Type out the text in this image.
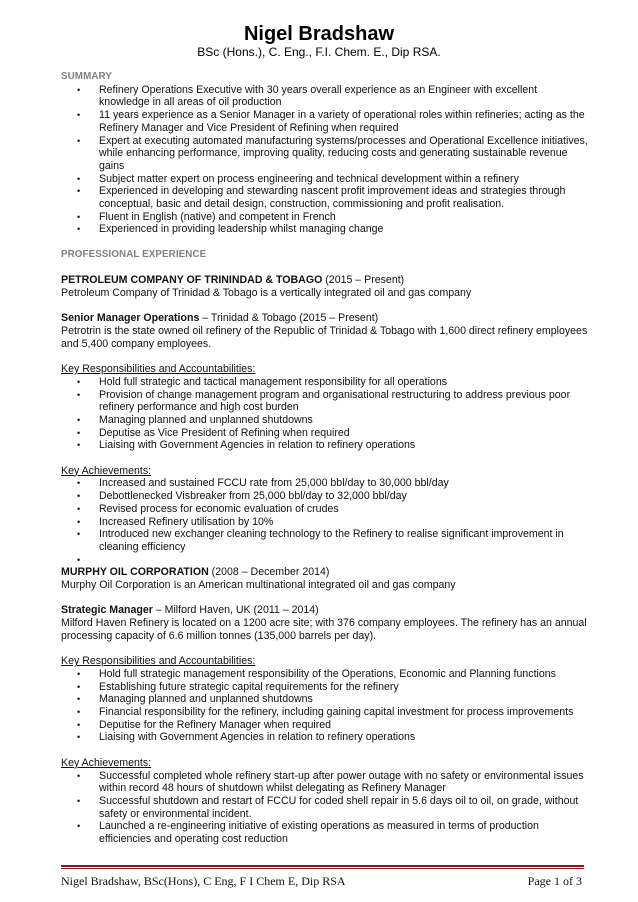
Nigel Bradshaw
BSc (Hons.), C. Eng., F.I. Chem. E., Dip RSA.
SUMMARY
• Refinery Operations Executive with 30 years overall experience as an Engineer with excellent knowledge in all areas of oil production
• 11 years experience as a Senior Manager in a variety of operational roles within refineries; acting as the Refinery Manager and Vice President of Refining when required
• Expert at executing automated manufacturing systems/processes and Operational Excellence initiatives, while enhancing performance, improving quality, reducing costs and generating sustainable revenue gains
• Subject matter expert on process engineering and technical development within a refinery
• Experienced in developing and stewarding nascent profit improvement ideas and strategies through conceptual, basic and detail design, construction, commissioning and profit realisation.
• Fluent in English (native) and competent in French
• Experienced in providing leadership whilst managing change
PROFESSIONAL EXPERIENCE
PETROLEUM COMPANY OF TRININDAD & TOBAGO (2015 – Present)
Petroleum Company of Trinidad & Tobago is a vertically integrated oil and gas company
Senior Manager Operations – Trinidad & Tobago (2015 – Present)
Petrotrin is the state owned oil refinery of the Republic of Trinidad & Tobago with 1,600 direct refinery employees and 5,400 company employees.
Key Responsibilities and Accountabilities:
• Hold full strategic and tactical management responsibility for all operations
• Provision of change management program and organisational restructuring to address previous poor refinery performance and high cost burden
• Managing planned and unplanned shutdowns
• Deputise as Vice President of Refining when required
• Liaising with Government Agencies in relation to refinery operations
Key Achievements:
• Increased and sustained FCCU rate from 25,000 bbl/day to 30,000 bbl/day
• Debottlenecked Visbreaker from 25,000 bbl/day to 32,000 bbl/day
• Revised process for economic evaluation of crudes
• Increased Refinery utilisation by 10%
• Introduced new exchanger cleaning technology to the Refinery to realise significant improvement in cleaning efficiency
•
MURPHY OIL CORPORATION (2008 – December 2014)
Murphy Oil Corporation is an American multinational integrated oil and gas company
Strategic Manager – Milford Haven, UK (2011 – 2014)
Milford Haven Refinery is located on a 1200 acre site; with 376 company employees. The refinery has an annual processing capacity of 6.6 million tonnes (135,000 barrels per day).
Key Responsibilities and Accountabilities:
• Hold full strategic management responsibility of the Operations, Economic and Planning functions
• Establishing future strategic capital requirements for the refinery
• Managing planned and unplanned shutdowns
• Financial responsibility for the refinery, including gaining capital investment for process improvements
• Deputise for the Refinery Manager when required
• Liaising with Government Agencies in relation to refinery operations
Key Achievements:
• Successful completed whole refinery start-up after power outage with no safety or environmental issues within record 48 hours of shutdown whilst delegating as Refinery Manager
• Successful shutdown and restart of FCCU for coded shell repair in 5.6 days oil to oil, on grade, without safety or environmental incident.
• Launched a re-engineering initiative of existing operations as measured in terms of production efficiencies and operating cost reduction
Nigel Bradshaw, BSc(Hons), C Eng, F I Chem E, Dip RSA	Page 1 of 3
